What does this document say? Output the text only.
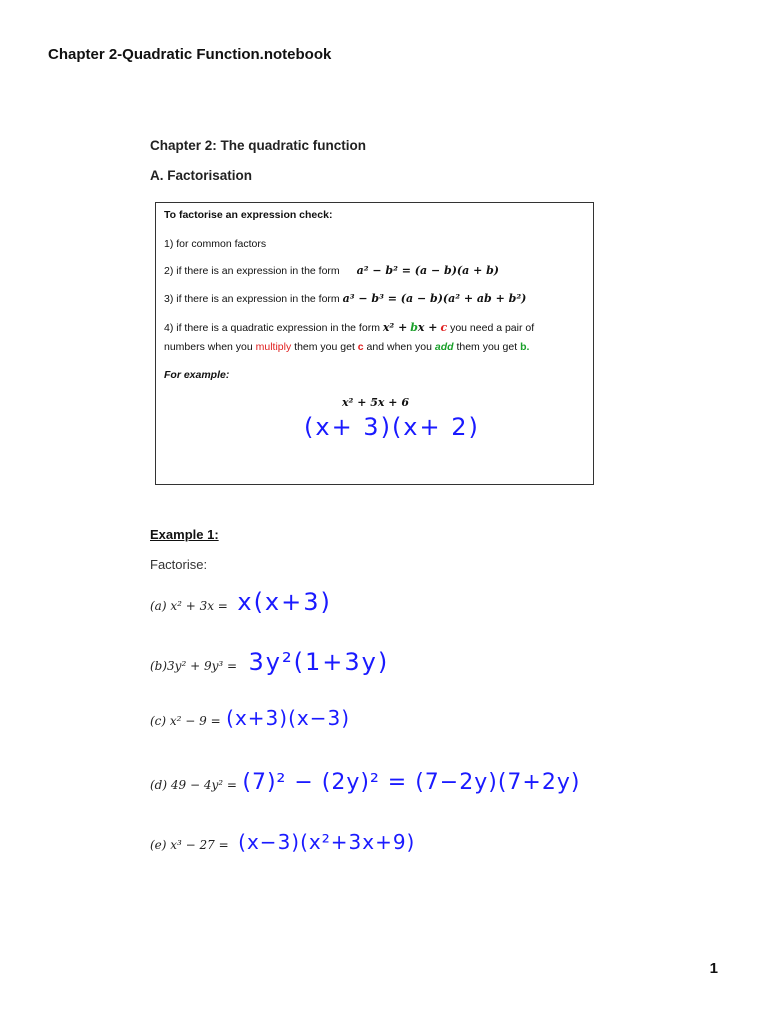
Chapter 2-Quadratic Function.notebook
Chapter 2: The quadratic function
A. Factorisation
To factorise an expression check:
1) for common factors
2) if there is an expression in the form a² − b² = (a − b)(a + b)
3) if there is an expression in the form a³ − b³ = (a − b)(a² + ab + b²)
4) if there is a quadratic expression in the form x² + bx + c you need a pair of
numbers when you multiply them you get c and when you add them you get b.
For example:
x² + 5x + 6
(x+ 3)(x+ 2)
Example 1:
Factorise:
(a) x² + 3x = x(x+3)
(b)3y² + 9y³ = 3y²(1+3y)
(c) x² − 9 = (x+3)(x−3)
(d) 49 − 4y² = (7)² − (2y)² = (7−2y)(7+2y)
(e) x³ − 27 = (x−3)(x²+3x+9)
1
